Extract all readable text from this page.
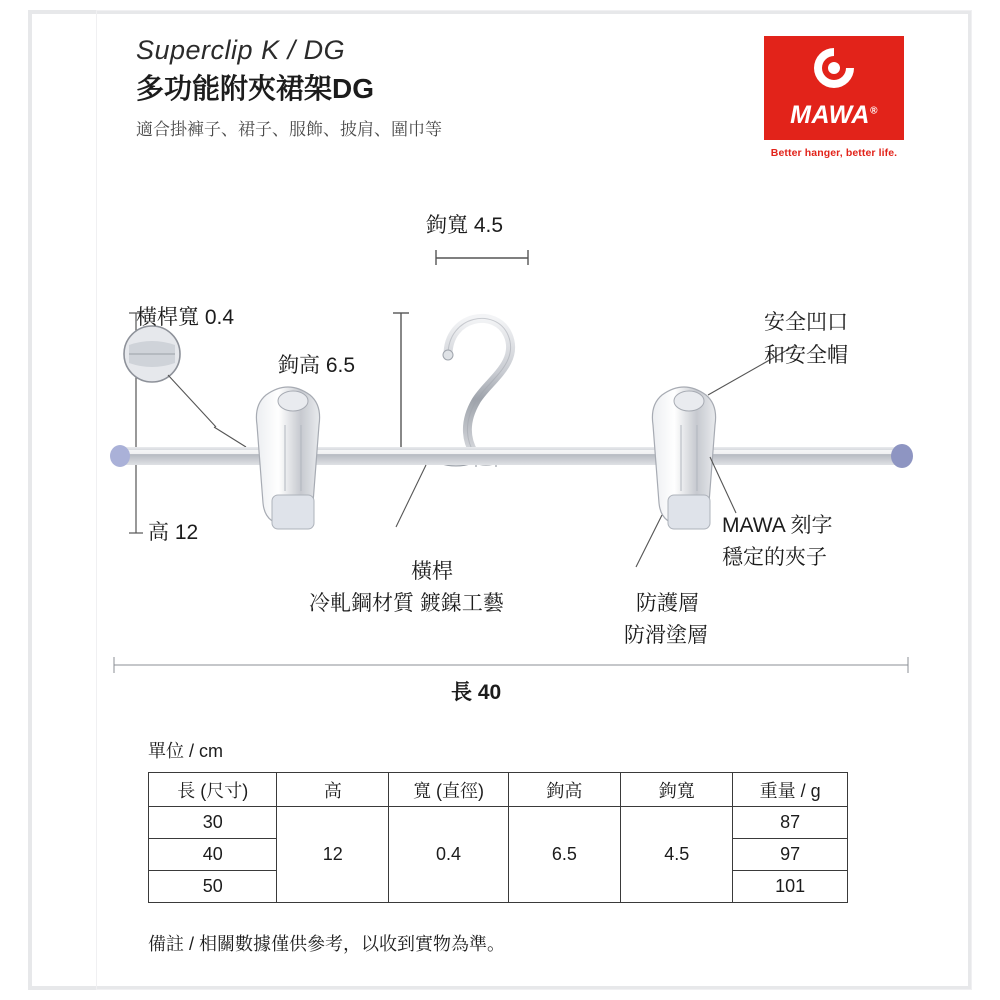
Superclip K / DG
多功能附夾裙架DG
適合掛褲子、裙子、服飾、披肩、圍巾等
MAWA®
Better hanger, better life.
鉤寬 4.5
橫桿寬 0.4
鉤高 6.5
高 12
安全凹口
和安全帽
MAWA 刻字
穩定的夾子
橫桿
冷軋鋼材質 鍍鎳工藝	防護層
防滑塗層
長 40
單位 / cm
長 (尺寸)	高	寬 (直徑)	鉤高	鉤寬	重量 / g
30	12	0.4	6.5	4.5	87
40					97
50					101
備註 / 相關數據僅供參考，以收到實物為準。
